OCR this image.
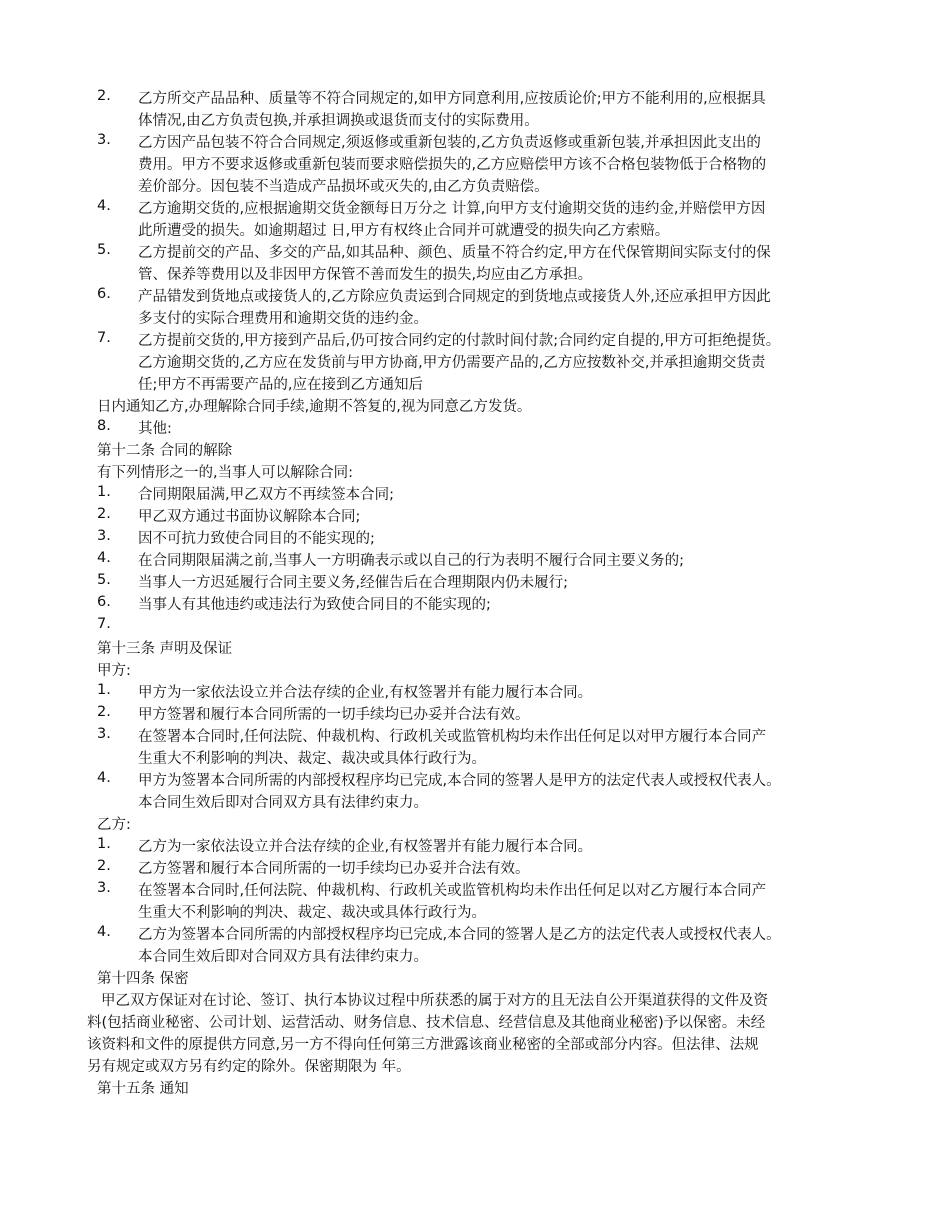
2.	乙方所交产品品种、质量等不符合同规定的,如甲方同意利用,应按质论价;甲方不能利用的,应根据具
体情况,由乙方负责包换,并承担调换或退货而支付的实际费用。
3.	乙方因产品包装不符合合同规定,须返修或重新包装的,乙方负责返修或重新包装,并承担因此支出的
费用。甲方不要求返修或重新包装而要求赔偿损失的,乙方应赔偿甲方该不合格包装物低于合格物的
差价部分。因包装不当造成产品损坏或灭失的,由乙方负责赔偿。
4.	乙方逾期交货的,应根据逾期交货金额每日万分之 计算,向甲方支付逾期交货的违约金,并赔偿甲方因
此所遭受的损失。如逾期超过 日,甲方有权终止合同并可就遭受的损失向乙方索赔。
5.	乙方提前交的产品、多交的产品,如其品种、颜色、质量不符合约定,甲方在代保管期间实际支付的保
管、保养等费用以及非因甲方保管不善而发生的损失,均应由乙方承担。
6.	产品错发到货地点或接货人的,乙方除应负责运到合同规定的到货地点或接货人外,还应承担甲方因此
多支付的实际合理费用和逾期交货的违约金。
7.	乙方提前交货的,甲方接到产品后,仍可按合同约定的付款时间付款;合同约定自提的,甲方可拒绝提货。
乙方逾期交货的,乙方应在发货前与甲方协商,甲方仍需要产品的,乙方应按数补交,并承担逾期交货责
任;甲方不再需要产品的,应在接到乙方通知后
日内通知乙方,办理解除合同手续,逾期不答复的,视为同意乙方发货。
8.	其他:
第十二条 合同的解除
有下列情形之一的,当事人可以解除合同:
1.	合同期限届满,甲乙双方不再续签本合同;
2.	甲乙双方通过书面协议解除本合同;
3.	因不可抗力致使合同目的不能实现的;
4.	在合同期限届满之前,当事人一方明确表示或以自己的行为表明不履行合同主要义务的;
5.	当事人一方迟延履行合同主要义务,经催告后在合理期限内仍未履行;
6.	当事人有其他违约或违法行为致使合同目的不能实现的;
7.
第十三条 声明及保证
甲方:
1.	甲方为一家依法设立并合法存续的企业,有权签署并有能力履行本合同。
2.	甲方签署和履行本合同所需的一切手续均已办妥并合法有效。
3.	在签署本合同时,任何法院、仲裁机构、行政机关或监管机构均未作出任何足以对甲方履行本合同产
生重大不利影响的判决、裁定、裁决或具体行政行为。
4.	甲方为签署本合同所需的内部授权程序均已完成,本合同的签署人是甲方的法定代表人或授权代表人。
本合同生效后即对合同双方具有法律约束力。
乙方:
1.	乙方为一家依法设立并合法存续的企业,有权签署并有能力履行本合同。
2.	乙方签署和履行本合同所需的一切手续均已办妥并合法有效。
3.	在签署本合同时,任何法院、仲裁机构、行政机关或监管机构均未作出任何足以对乙方履行本合同产
生重大不利影响的判决、裁定、裁决或具体行政行为。
4.	乙方为签署本合同所需的内部授权程序均已完成,本合同的签署人是乙方的法定代表人或授权代表人。
本合同生效后即对合同双方具有法律约束力。
第十四条 保密
甲乙双方保证对在讨论、签订、执行本协议过程中所获悉的属于对方的且无法自公开渠道获得的文件及资
料(包括商业秘密、公司计划、运营活动、财务信息、技术信息、经营信息及其他商业秘密)予以保密。未经
该资料和文件的原提供方同意,另一方不得向任何第三方泄露该商业秘密的全部或部分内容。但法律、法规
另有规定或双方另有约定的除外。保密期限为 年。
第十五条 通知
